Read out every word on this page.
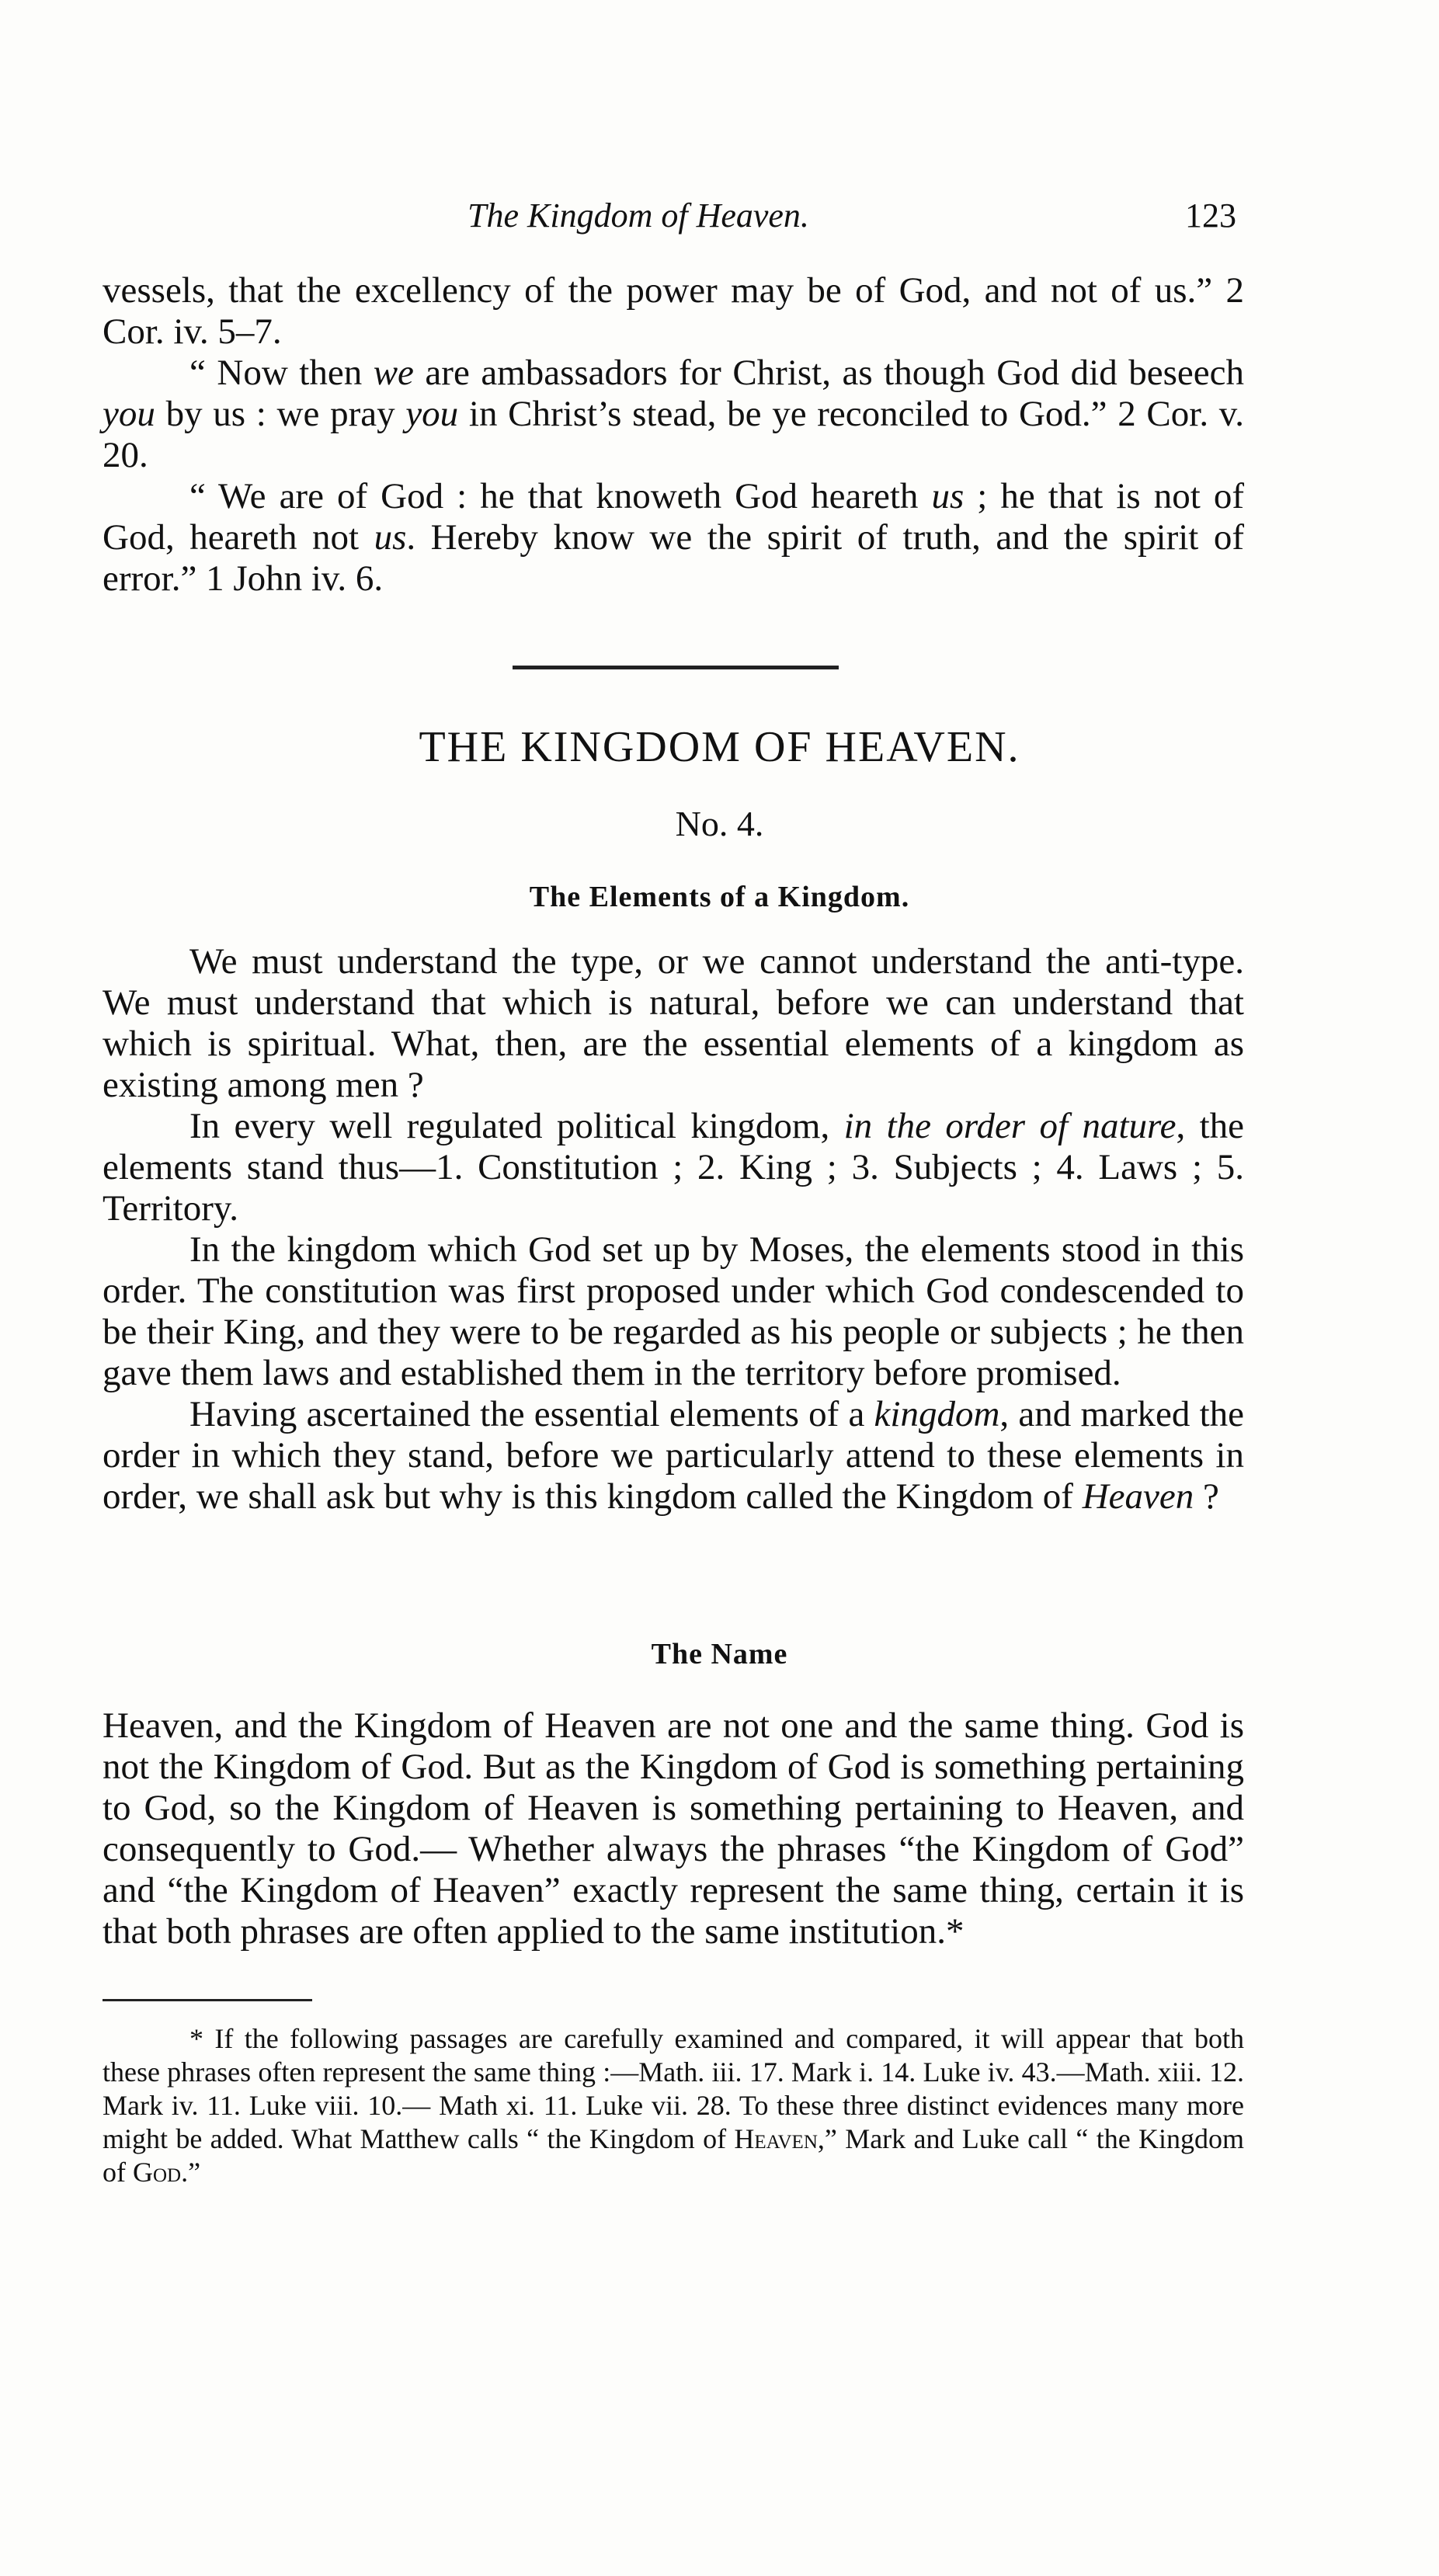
The Kingdom of Heaven.	123

vessels, that the excellency of the power may be of God, and not of us.” 2 Cor. iv. 5–7.

“ Now then we are ambassadors for Christ, as though God did beseech you by us : we pray you in Christ’s stead, be ye reconciled to God.” 2 Cor. v. 20.

“ We are of God : he that knoweth God heareth us ; he that is not of God, heareth not us. Hereby know we the spirit of truth, and the spirit of error.” 1 John iv. 6.

THE KINGDOM OF HEAVEN.
No. 4.
The Elements of a Kingdom.

We must understand the type, or we cannot understand the anti-type. We must understand that which is natural, before we can understand that which is spiritual. What, then, are the essential elements of a kingdom as existing among men ?

In every well regulated political kingdom, in the order of nature, the elements stand thus—1. Constitution ; 2. King ; 3. Subjects ; 4. Laws ; 5. Territory.

In the kingdom which God set up by Moses, the elements stood in this order. The constitution was first proposed under which God condescended to be their King, and they were to be regarded as his people or subjects ; he then gave them laws and established them in the territory before promised.

Having ascertained the essential elements of a kingdom, and marked the order in which they stand, before we particularly attend to these elements in order, we shall ask but why is this kingdom called the Kingdom of Heaven ?

The Name

Heaven, and the Kingdom of Heaven are not one and the same thing. God is not the Kingdom of God. But as the Kingdom of God is something pertaining to God, so the Kingdom of Heaven is something pertaining to Heaven, and consequently to God.— Whether always the phrases “the Kingdom of God” and “the Kingdom of Heaven” exactly represent the same thing, certain it is that both phrases are often applied to the same institution.*

* If the following passages are carefully examined and compared, it will appear that both these phrases often represent the same thing :—Math. iii. 17. Mark i. 14. Luke iv. 43.—Math. xiii. 12. Mark iv. 11. Luke viii. 10.— Math xi. 11. Luke vii. 28. To these three distinct evidences many more might be added. What Matthew calls “ the Kingdom of Heaven,” Mark and Luke call “ the Kingdom of God.”
